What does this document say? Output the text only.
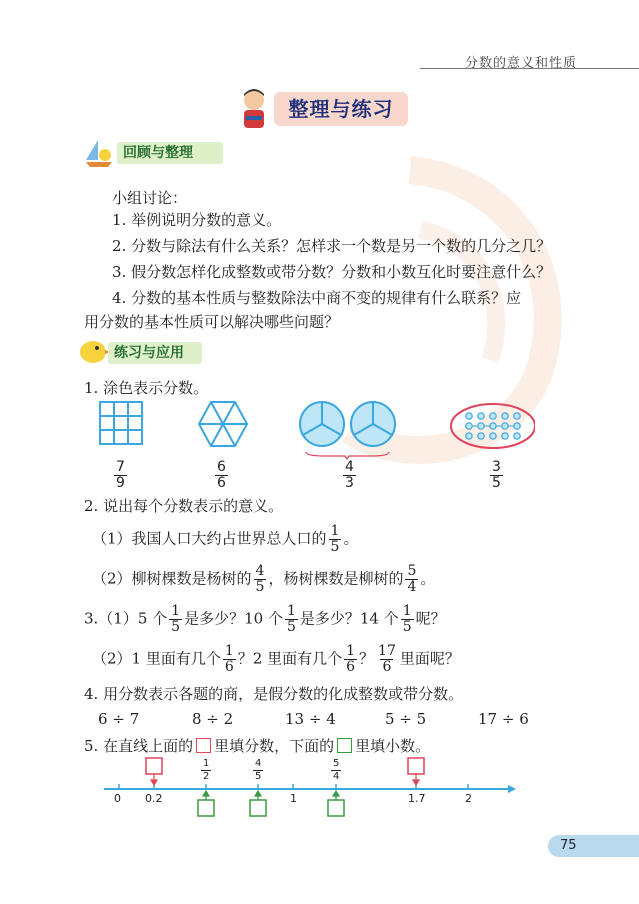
分数的意义和性质
整理与练习
回顾与整理
小组讨论：
1. 举例说明分数的意义。
2. 分数与除法有什么关系？怎样求一个数是另一个数的几分之几？
3. 假分数怎样化成整数或带分数？分数和小数互化时要注意什么？
4. 分数的基本性质与整数除法中商不变的规律有什么联系？应
用分数的基本性质可以解决哪些问题？
练习与应用
1. 涂色表示分数。
$\frac{7}{9}$	$\frac{6}{6}$	$\frac{4}{3}$	$\frac{3}{5}$
2. 说出每个分数表示的意义。
（1）我国人口大约占世界总人口的 $\frac{1}{5}$ 。
（2）柳树棵数是杨树的 $\frac{4}{5}$ ，杨树棵数是柳树的 $\frac{5}{4}$ 。
3.（1）5 个 $\frac{1}{5}$ 是多少？10 个 $\frac{1}{5}$ 是多少？14 个 $\frac{1}{5}$ 呢？
（2）1 里面有几个 $\frac{1}{6}$ ？2 里面有几个 $\frac{1}{6}$ ？ $\frac{17}{6}$ 里面呢？
4. 用分数表示各题的商，是假分数的化成整数或带分数。
6 ÷ 7	8 ÷ 2	13 ÷ 4	5 ÷ 5	17 ÷ 6
5. 在直线上面的 里填分数，下面的 里填小数。
0 0.2	1	1.7	2
$\frac{1}{2}$	$\frac{4}{5}$	$\frac{5}{4}$
75
